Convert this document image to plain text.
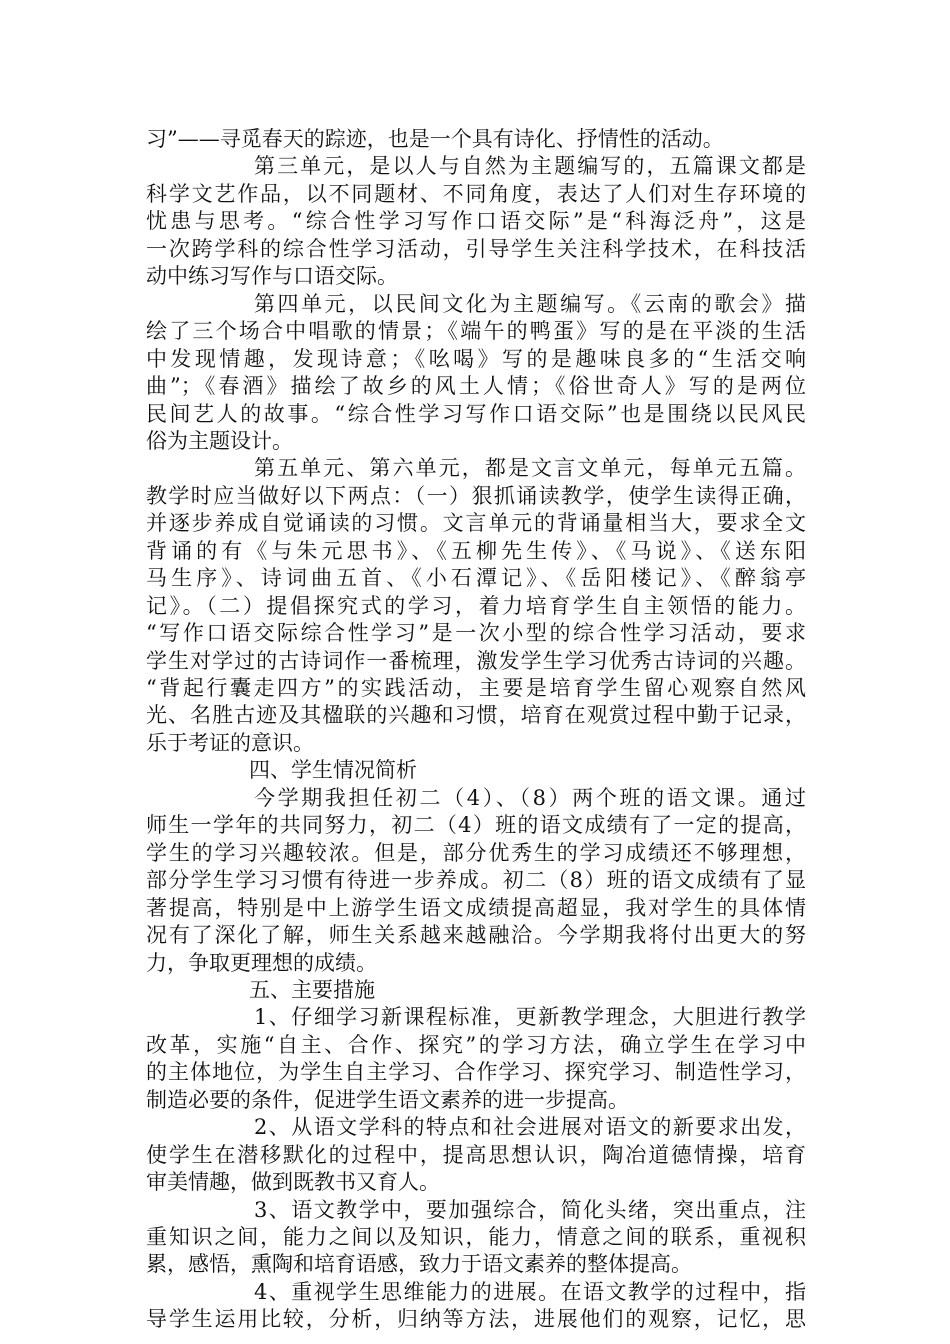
习”——寻觅春天的踪迹，也是一个具有诗化、抒情性的活动。
第三单元，是以人与自然为主题编写的，五篇课文都是
科学文艺作品，以不同题材、不同角度，表达了人们对生存环境的
忧患与思考。“综合性学习写作口语交际”是“科海泛舟”，这是
一次跨学科的综合性学习活动，引导学生关注科学技术，在科技活
动中练习写作与口语交际。
第四单元，以民间文化为主题编写。《云南的歌会》描
绘了三个场合中唱歌的情景；《端午的鸭蛋》写的是在平淡的生活
中发现情趣，发现诗意；《吆喝》写的是趣味良多的“生活交响
曲”；《春酒》描绘了故乡的风土人情；《俗世奇人》写的是两位
民间艺人的故事。“综合性学习写作口语交际”也是围绕以民风民
俗为主题设计。
第五单元、第六单元，都是文言文单元，每单元五篇。
教学时应当做好以下两点：（一）狠抓诵读教学，使学生读得正确，
并逐步养成自觉诵读的习惯。文言单元的背诵量相当大，要求全文
背诵的有《与朱元思书》、《五柳先生传》、《马说》、《送东阳
马生序》、诗词曲五首、《小石潭记》、《岳阳楼记》、《醉翁亭
记》。（二）提倡探究式的学习，着力培育学生自主领悟的能力。
“写作口语交际综合性学习”是一次小型的综合性学习活动，要求
学生对学过的古诗词作一番梳理，激发学生学习优秀古诗词的兴趣。
“背起行囊走四方”的实践活动，主要是培育学生留心观察自然风
光、名胜古迹及其楹联的兴趣和习惯，培育在观赏过程中勤于记录，
乐于考证的意识。
四、学生情况简析
今学期我担任初二（4）、（8）两个班的语文课。通过
师生一学年的共同努力，初二（4）班的语文成绩有了一定的提高，
学生的学习兴趣较浓。但是，部分优秀生的学习成绩还不够理想，
部分学生学习习惯有待进一步养成。初二（8）班的语文成绩有了显
著提高，特别是中上游学生语文成绩提高超显，我对学生的具体情
况有了深化了解，师生关系越来越融洽。今学期我将付出更大的努
力，争取更理想的成绩。
五、主要措施
1、仔细学习新课程标准，更新教学理念，大胆进行教学
改革，实施“自主、合作、探究”的学习方法，确立学生在学习中
的主体地位，为学生自主学习、合作学习、探究学习、制造性学习，
制造必要的条件，促进学生语文素养的进一步提高。
2、从语文学科的特点和社会进展对语文的新要求出发，
使学生在潜移默化的过程中，提高思想认识，陶冶道德情操，培育
审美情趣，做到既教书又育人。
3、语文教学中，要加强综合，简化头绪，突出重点，注
重知识之间，能力之间以及知识，能力，情意之间的联系，重视积
累，感悟，熏陶和培育语感，致力于语文素养的整体提高。
4、重视学生思维能力的进展。在语文教学的过程中，指
导学生运用比较，分析，归纳等方法，进展他们的观察，记忆，思
